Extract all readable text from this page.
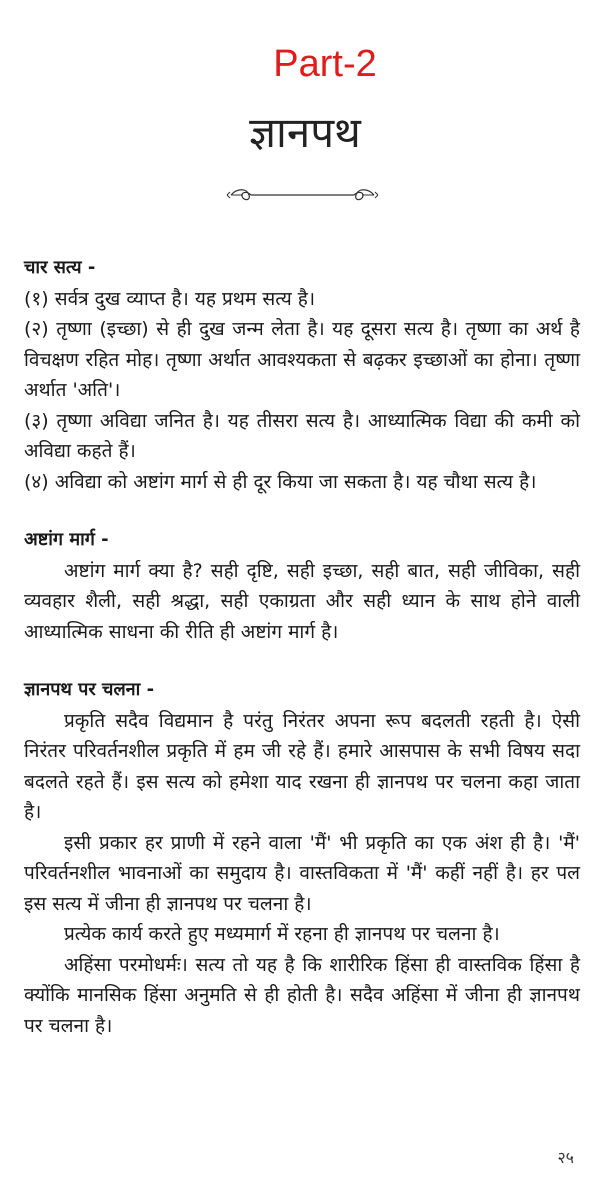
Part-2
ज्ञानपथ

चार सत्य -

(१) सर्वत्र दुख व्याप्त है। यह प्रथम सत्य है।

(२) तृष्णा (इच्छा) से ही दुख जन्म लेता है। यह दूसरा सत्य है। तृष्णा का अर्थ है विचक्षण रहित मोह। तृष्णा अर्थात आवश्यकता से बढ़कर इच्छाओं का होना। तृष्णा अर्थात 'अति'।

(३) तृष्णा अविद्या जनित है। यह तीसरा सत्य है। आध्यात्मिक विद्या की कमी को अविद्या कहते हैं।

(४) अविद्या को अष्टांग मार्ग से ही दूर किया जा सकता है। यह चौथा सत्य है।

अष्टांग मार्ग -

अष्टांग मार्ग क्या है? सही दृष्टि, सही इच्छा, सही बात, सही जीविका, सही व्यवहार शैली, सही श्रद्धा, सही एकाग्रता और सही ध्यान के साथ होने वाली आध्यात्मिक साधना की रीति ही अष्टांग मार्ग है।

ज्ञानपथ पर चलना -

प्रकृति सदैव विद्यमान है परंतु निरंतर अपना रूप बदलती रहती है। ऐसी निरंतर परिवर्तनशील प्रकृति में हम जी रहे हैं। हमारे आसपास के सभी विषय सदा बदलते रहते हैं। इस सत्य को हमेशा याद रखना ही ज्ञानपथ पर चलना कहा जाता है।

इसी प्रकार हर प्राणी में रहने वाला 'मैं' भी प्रकृति का एक अंश ही है। 'मैं' परिवर्तनशील भावनाओं का समुदाय है। वास्तविकता में 'मैं' कहीं नहीं है। हर पल इस सत्य में जीना ही ज्ञानपथ पर चलना है।

प्रत्येक कार्य करते हुए मध्यमार्ग में रहना ही ज्ञानपथ पर चलना है।

अहिंसा परमोधर्मः। सत्य तो यह है कि शारीरिक हिंसा ही वास्तविक हिंसा है क्योंकि मानसिक हिंसा अनुमति से ही होती है। सदैव अहिंसा में जीना ही ज्ञानपथ पर चलना है।

२५
